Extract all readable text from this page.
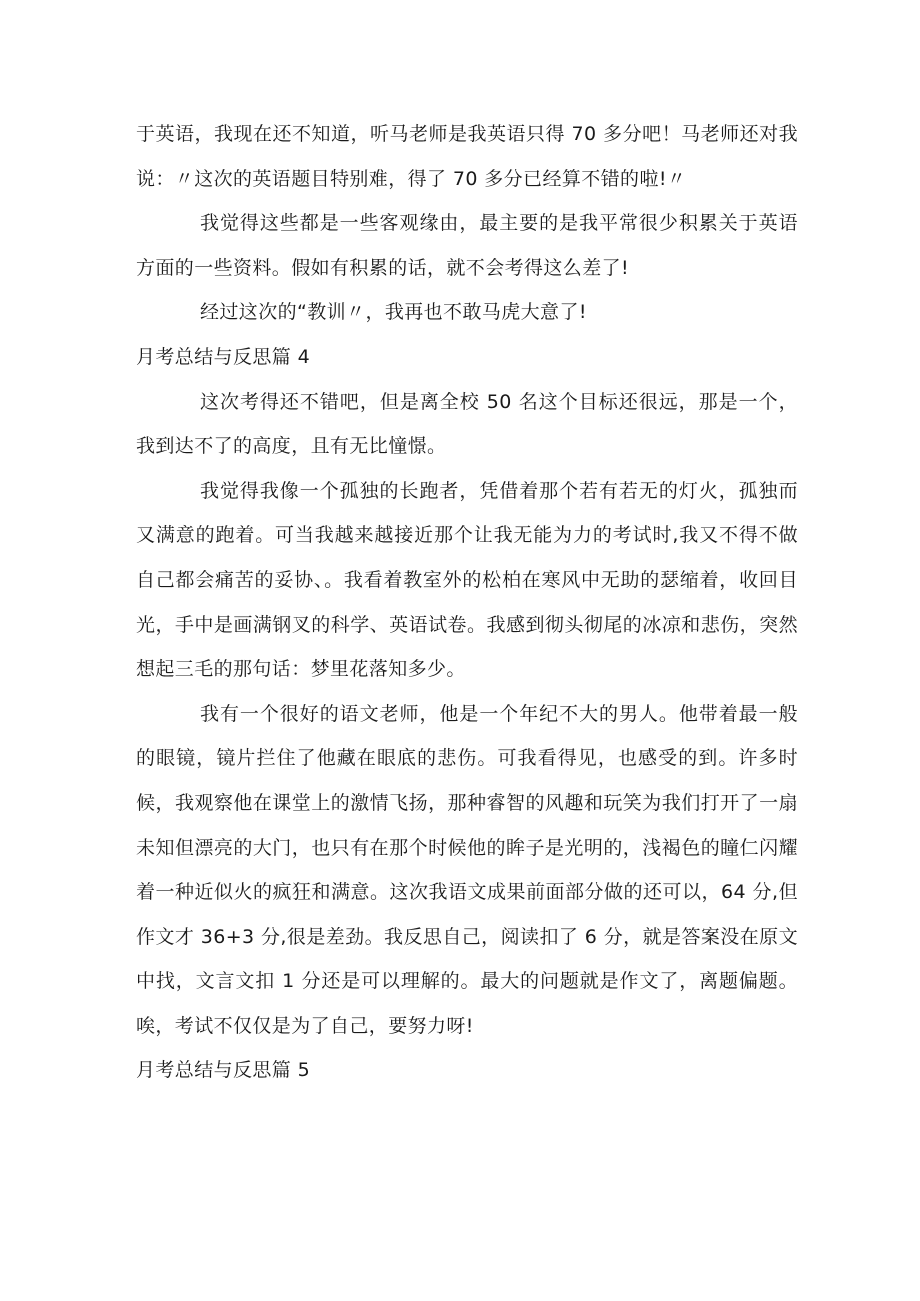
于英语，我现在还不知道，听马老师是我英语只得 70 多分吧！马老师还对我说：〃这次的英语题目特别难，得了 70 多分已经算不错的啦!〃

我觉得这些都是一些客观缘由，最主要的是我平常很少积累关于英语方面的一些资料。假如有积累的话，就不会考得这么差了!

经过这次的“教训〃，我再也不敢马虎大意了!

月考总结与反思篇 4

这次考得还不错吧，但是离全校 50 名这个目标还很远，那是一个，我到达不了的高度，且有无比憧憬。

我觉得我像一个孤独的长跑者，凭借着那个若有若无的灯火，孤独而又满意的跑着。可当我越来越接近那个让我无能为力的考试时,我又不得不做自己都会痛苦的妥协、。我看着教室外的松柏在寒风中无助的瑟缩着，收回目光，手中是画满钢叉的科学、英语试卷。我感到彻头彻尾的冰凉和悲伤，突然想起三毛的那句话：梦里花落知多少。

我有一个很好的语文老师，他是一个年纪不大的男人。他带着最一般的眼镜，镜片拦住了他藏在眼底的悲伤。可我看得见，也感受的到。许多时候，我观察他在课堂上的激情飞扬，那种睿智的风趣和玩笑为我们打开了一扇未知但漂亮的大门，也只有在那个时候他的眸子是光明的，浅褐色的瞳仁闪耀着一种近似火的疯狂和满意。这次我语文成果前面部分做的还可以，64 分,但作文才 36+3 分,很是差劲。我反思自己，阅读扣了 6 分，就是答案没在原文中找，文言文扣 1 分还是可以理解的。最大的问题就是作文了，离题偏题。唉，考试不仅仅是为了自己，要努力呀!

月考总结与反思篇 5
